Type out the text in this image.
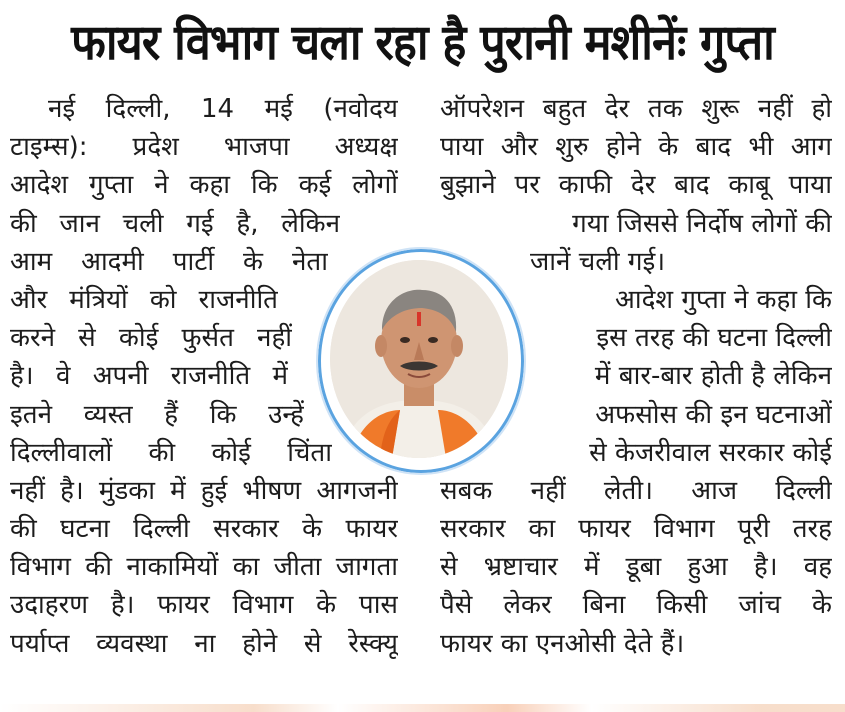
फायर विभाग चला रहा है पुरानी मशीनेंः गुप्ता
नई दिल्ली, 14 मई (नवोदय
टाइम्स): प्रदेश भाजपा अध्यक्ष
आदेश गुप्ता ने कहा कि कई लोगों
की जान चली गई है, लेकिन
आम आदमी पार्टी के नेता
और मंत्रियों को राजनीति
करने से कोई फुर्सत नहीं
है। वे अपनी राजनीति में
इतने व्यस्त हैं कि उन्हें
दिल्लीवालों की कोई चिंता
नहीं है। मुंडका में हुई भीषण आगजनी
की घटना दिल्ली सरकार के फायर
विभाग की नाकामियों का जीता जागता
उदाहरण है। फायर विभाग के पास
पर्याप्त व्यवस्था ना होने से रेस्क्यू
ऑपरेशन बहुत देर तक शुरू नहीं हो
पाया और शुरु होने के बाद भी आग
बुझाने पर काफी देर बाद काबू पाया
गया जिससे निर्दोष लोगों की
जानें चली गई।
आदेश गुप्ता ने कहा कि
इस तरह की घटना दिल्ली
में बार-बार होती है लेकिन
अफसोस की इन घटनाओं
से केजरीवाल सरकार कोई
सबक नहीं लेती। आज दिल्ली
सरकार का फायर विभाग पूरी तरह
से भ्रष्टाचार में डूबा हुआ है। वह
पैसे लेकर बिना किसी जांच के
फायर का एनओसी देते हैं।
